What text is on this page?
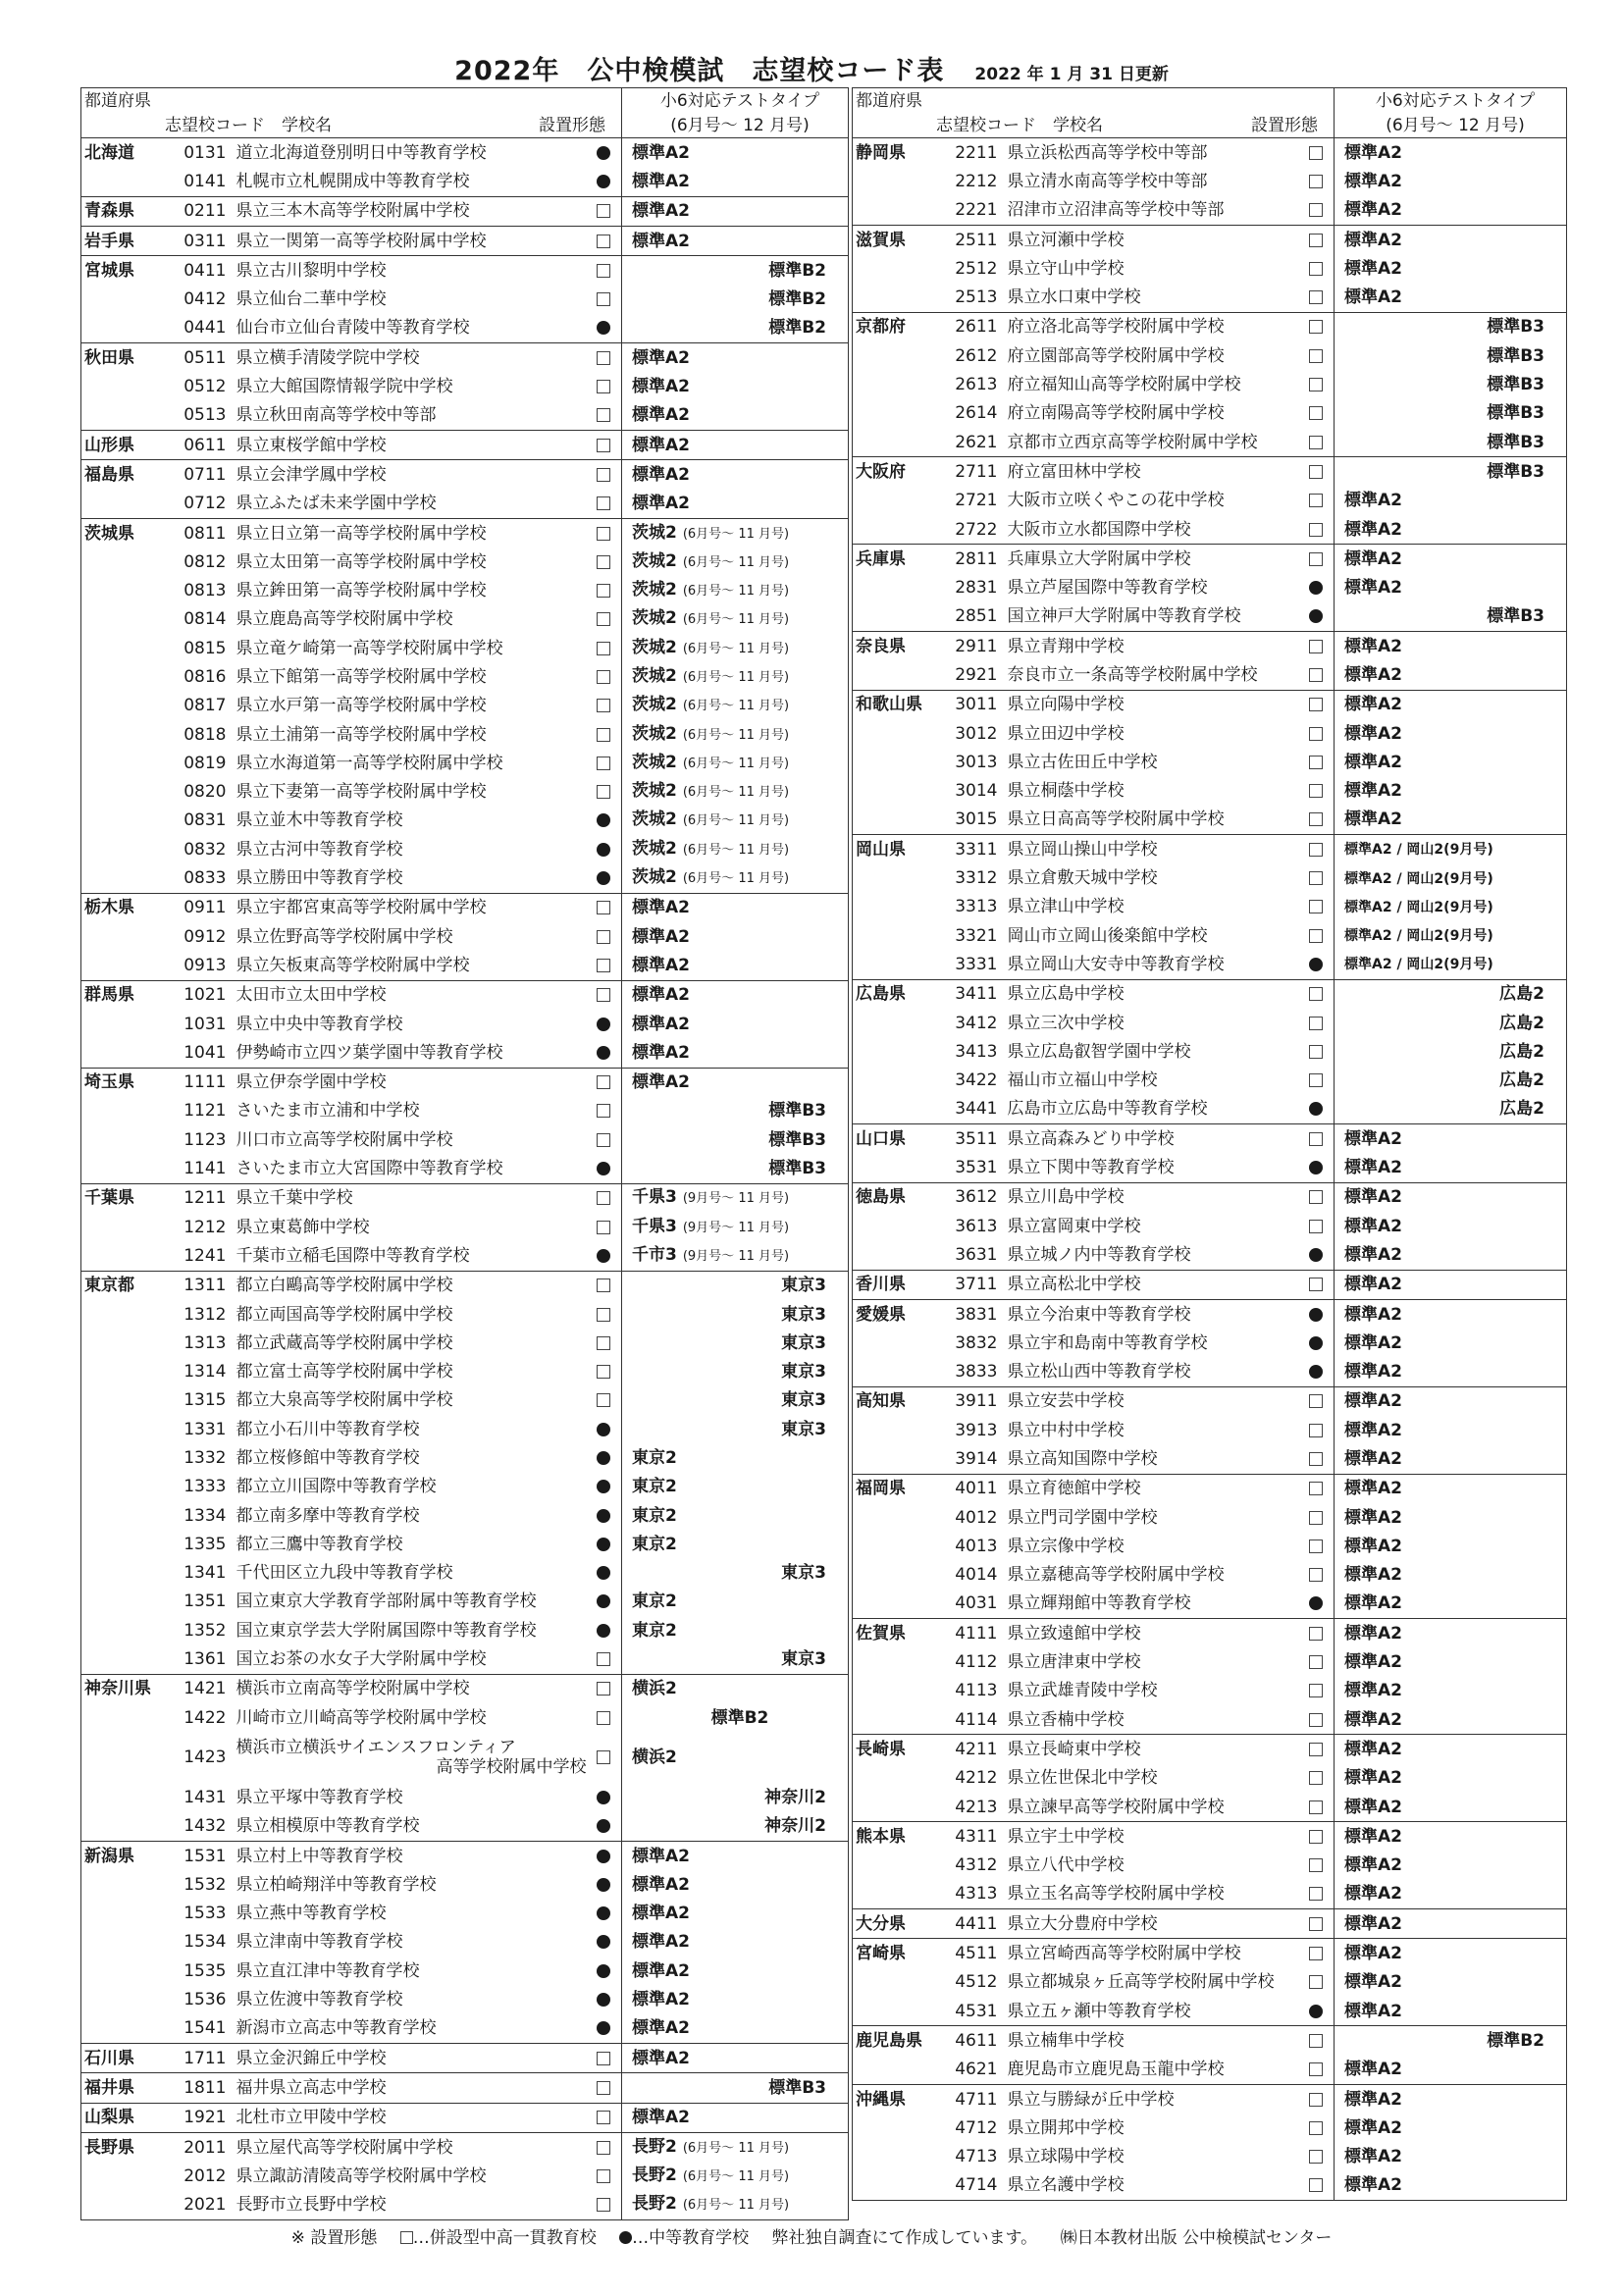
2022年　公中検模試　志望校コード表 2022 年 1 月 31 日更新
都道府県				小6対応テストタイプ
志望校コード　学校名 設置形態				(6月号～ 12 月号)
北海道	0131	道立北海道登別明日中等教育学校		標準A2
	0141	札幌市立札幌開成中等教育学校		標準A2
青森県	0211	県立三本木高等学校附属中学校		標準A2
岩手県	0311	県立一関第一高等学校附属中学校		標準A2
宮城県	0411	県立古川黎明中学校		標準B2

	0412	県立仙台二華中学校		標準B2

	0441	仙台市立仙台青陵中等教育学校		標準B2

秋田県	0511	県立横手清陵学院中学校		標準A2
	0512	県立大館国際情報学院中学校		標準A2
	0513	県立秋田南高等学校中等部		標準A2
山形県	0611	県立東桜学館中学校		標準A2
福島県	0711	県立会津学鳳中学校		標準A2
	0712	県立ふたば未来学園中学校		標準A2
茨城県	0811	県立日立第一高等学校附属中学校		茨城2 (6月号～ 11 月号)
	0812	県立太田第一高等学校附属中学校		茨城2 (6月号～ 11 月号)
	0813	県立鉾田第一高等学校附属中学校		茨城2 (6月号～ 11 月号)
	0814	県立鹿島高等学校附属中学校		茨城2 (6月号～ 11 月号)
	0815	県立竜ケ崎第一高等学校附属中学校		茨城2 (6月号～ 11 月号)
	0816	県立下館第一高等学校附属中学校		茨城2 (6月号～ 11 月号)
	0817	県立水戸第一高等学校附属中学校		茨城2 (6月号～ 11 月号)
	0818	県立土浦第一高等学校附属中学校		茨城2 (6月号～ 11 月号)
	0819	県立水海道第一高等学校附属中学校		茨城2 (6月号～ 11 月号)
	0820	県立下妻第一高等学校附属中学校		茨城2 (6月号～ 11 月号)
	0831	県立並木中等教育学校		茨城2 (6月号～ 11 月号)
	0832	県立古河中等教育学校		茨城2 (6月号～ 11 月号)
	0833	県立勝田中等教育学校		茨城2 (6月号～ 11 月号)
栃木県	0911	県立宇都宮東高等学校附属中学校		標準A2
	0912	県立佐野高等学校附属中学校		標準A2
	0913	県立矢板東高等学校附属中学校		標準A2
群馬県	1021	太田市立太田中学校		標準A2
	1031	県立中央中等教育学校		標準A2
	1041	伊勢崎市立四ツ葉学園中等教育学校		標準A2
埼玉県	1111	県立伊奈学園中学校		標準A2
	1121	さいたま市立浦和中学校		標準B3

	1123	川口市立高等学校附属中学校		標準B3

	1141	さいたま市立大宮国際中等教育学校		標準B3

千葉県	1211	県立千葉中学校		千県3 (9月号～ 11 月号)
	1212	県立東葛飾中学校		千県3 (9月号～ 11 月号)
	1241	千葉市立稲毛国際中等教育学校		千市3 (9月号～ 11 月号)
東京都	1311	都立白鷗高等学校附属中学校		東京3

	1312	都立両国高等学校附属中学校		東京3

	1313	都立武蔵高等学校附属中学校		東京3

	1314	都立富士高等学校附属中学校		東京3

	1315	都立大泉高等学校附属中学校		東京3

	1331	都立小石川中等教育学校		東京3

	1332	都立桜修館中等教育学校		東京2
	1333	都立立川国際中等教育学校		東京2
	1334	都立南多摩中等教育学校		東京2
	1335	都立三鷹中等教育学校		東京2
	1341	千代田区立九段中等教育学校		東京3

	1351	国立東京大学教育学部附属中等教育学校		東京2
	1352	国立東京学芸大学附属国際中等教育学校		東京2
	1361	国立お茶の水女子大学附属中学校		東京3

神奈川県	1421	横浜市立南高等学校附属中学校		横浜2
	1422	川崎市立川崎高等学校附属中学校		標準B2
	1423	横浜市立横浜サイエンスフロンティア
高等学校附属中学校		横浜2
	1431	県立平塚中等教育学校		神奈川2

	1432	県立相模原中等教育学校		神奈川2

新潟県	1531	県立村上中等教育学校		標準A2
	1532	県立柏崎翔洋中等教育学校		標準A2
	1533	県立燕中等教育学校		標準A2
	1534	県立津南中等教育学校		標準A2
	1535	県立直江津中等教育学校		標準A2
	1536	県立佐渡中等教育学校		標準A2
	1541	新潟市立高志中等教育学校		標準A2
石川県	1711	県立金沢錦丘中学校		標準A2
福井県	1811	福井県立高志中学校		標準B3

山梨県	1921	北杜市立甲陵中学校		標準A2
長野県	2011	県立屋代高等学校附属中学校		長野2 (6月号～ 11 月号)
	2012	県立諏訪清陵高等学校附属中学校		長野2 (6月号～ 11 月号)
	2021	長野市立長野中学校		長野2 (6月号～ 11 月号)
都道府県				小6対応テストタイプ
志望校コード　学校名 設置形態				(6月号～ 12 月号)
静岡県	2211	県立浜松西高等学校中等部		標準A2
	2212	県立清水南高等学校中等部		標準A2
	2221	沼津市立沼津高等学校中等部		標準A2
滋賀県	2511	県立河瀬中学校		標準A2
	2512	県立守山中学校		標準A2
	2513	県立水口東中学校		標準A2
京都府	2611	府立洛北高等学校附属中学校		標準B3

	2612	府立園部高等学校附属中学校		標準B3

	2613	府立福知山高等学校附属中学校		標準B3

	2614	府立南陽高等学校附属中学校		標準B3

	2621	京都市立西京高等学校附属中学校		標準B3

大阪府	2711	府立富田林中学校		標準B3

	2721	大阪市立咲くやこの花中学校		標準A2
	2722	大阪市立水都国際中学校		標準A2
兵庫県	2811	兵庫県立大学附属中学校		標準A2
	2831	県立芦屋国際中等教育学校		標準A2
	2851	国立神戸大学附属中等教育学校		標準B3

奈良県	2911	県立青翔中学校		標準A2
	2921	奈良市立一条高等学校附属中学校		標準A2
和歌山県	3011	県立向陽中学校		標準A2
	3012	県立田辺中学校		標準A2
	3013	県立古佐田丘中学校		標準A2
	3014	県立桐蔭中学校		標準A2
	3015	県立日高高等学校附属中学校		標準A2
岡山県	3311	県立岡山操山中学校		標準A2 / 岡山2(9月号)
	3312	県立倉敷天城中学校		標準A2 / 岡山2(9月号)
	3313	県立津山中学校		標準A2 / 岡山2(9月号)
	3321	岡山市立岡山後楽館中学校		標準A2 / 岡山2(9月号)
	3331	県立岡山大安寺中等教育学校		標準A2 / 岡山2(9月号)
広島県	3411	県立広島中学校		広島2

	3412	県立三次中学校		広島2

	3413	県立広島叡智学園中学校		広島2

	3422	福山市立福山中学校		広島2

	3441	広島市立広島中等教育学校		広島2

山口県	3511	県立高森みどり中学校		標準A2
	3531	県立下関中等教育学校		標準A2
徳島県	3612	県立川島中学校		標準A2
	3613	県立富岡東中学校		標準A2
	3631	県立城ノ内中等教育学校		標準A2
香川県	3711	県立高松北中学校		標準A2
愛媛県	3831	県立今治東中等教育学校		標準A2
	3832	県立宇和島南中等教育学校		標準A2
	3833	県立松山西中等教育学校		標準A2
高知県	3911	県立安芸中学校		標準A2
	3913	県立中村中学校		標準A2
	3914	県立高知国際中学校		標準A2
福岡県	4011	県立育徳館中学校		標準A2
	4012	県立門司学園中学校		標準A2
	4013	県立宗像中学校		標準A2
	4014	県立嘉穂高等学校附属中学校		標準A2
	4031	県立輝翔館中等教育学校		標準A2
佐賀県	4111	県立致遠館中学校		標準A2
	4112	県立唐津東中学校		標準A2
	4113	県立武雄青陵中学校		標準A2
	4114	県立香楠中学校		標準A2
長崎県	4211	県立長崎東中学校		標準A2
	4212	県立佐世保北中学校		標準A2
	4213	県立諫早高等学校附属中学校		標準A2
熊本県	4311	県立宇土中学校		標準A2
	4312	県立八代中学校		標準A2
	4313	県立玉名高等学校附属中学校		標準A2
大分県	4411	県立大分豊府中学校		標準A2
宮崎県	4511	県立宮崎西高等学校附属中学校		標準A2
	4512	県立都城泉ヶ丘高等学校附属中学校		標準A2
	4531	県立五ヶ瀬中等教育学校		標準A2
鹿児島県	4611	県立楠隼中学校		標準B2

	4621	鹿児島市立鹿児島玉龍中学校		標準A2
沖縄県	4711	県立与勝緑が丘中学校		標準A2
	4712	県立開邦中学校		標準A2
	4713	県立球陽中学校		標準A2
	4714	県立名護中学校		標準A2
※ 設置形態 …併設型中高一貫教育校 …中等教育学校 弊社独自調査にて作成しています。 ㈱日本教材出版 公中検模試センター
